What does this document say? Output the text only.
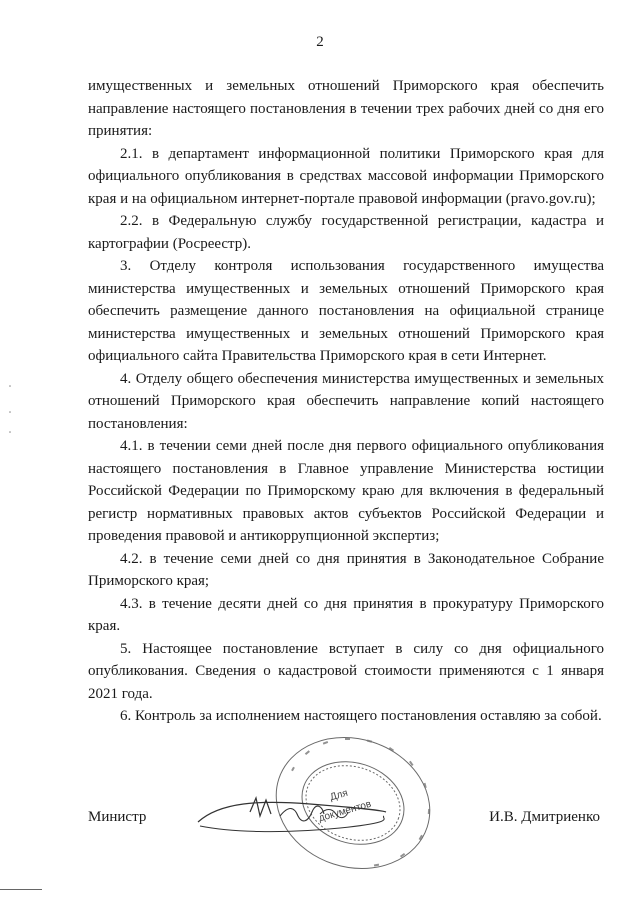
2

имущественных и земельных отношений Приморского края обеспечить направление настоящего постановления в течении трех рабочих дней со дня его принятия:

2.1. в департамент информационной политики Приморского края для официального опубликования в средствах массовой информации Приморского края и на официальном интернет-портале правовой информации (pravo.gov.ru);

2.2. в Федеральную службу государственной регистрации, кадастра и картографии (Росреестр).

3. Отделу контроля использования государственного имущества министерства имущественных и земельных отношений Приморского края обеспечить размещение данного постановления на официальной странице министерства имущественных и земельных отношений Приморского края официального сайта Правительства Приморского края в сети Интернет.

4. Отделу общего обеспечения министерства имущественных и земельных отношений Приморского края обеспечить направление копий настоящего постановления:

4.1. в течении семи дней после дня первого официального опубликования настоящего постановления в Главное управление Министерства юстиции Российской Федерации по Приморскому краю для включения в федеральный регистр нормативных правовых актов субъектов Российской Федерации и проведения правовой и антикоррупционной экспертиз;

4.2. в течение семи дней со дня принятия в Законодательное Собрание Приморского края;

4.3. в течение десяти дней со дня принятия в прокуратуру Приморского края.

5. Настоящее постановление вступает в силу со дня официального опубликования. Сведения о кадастровой стоимости применяются с 1 января 2021 года.

6. Контроль за исполнением настоящего постановления оставляю за собой.

Для
документов
Министр	И.В. Дмитриенко
